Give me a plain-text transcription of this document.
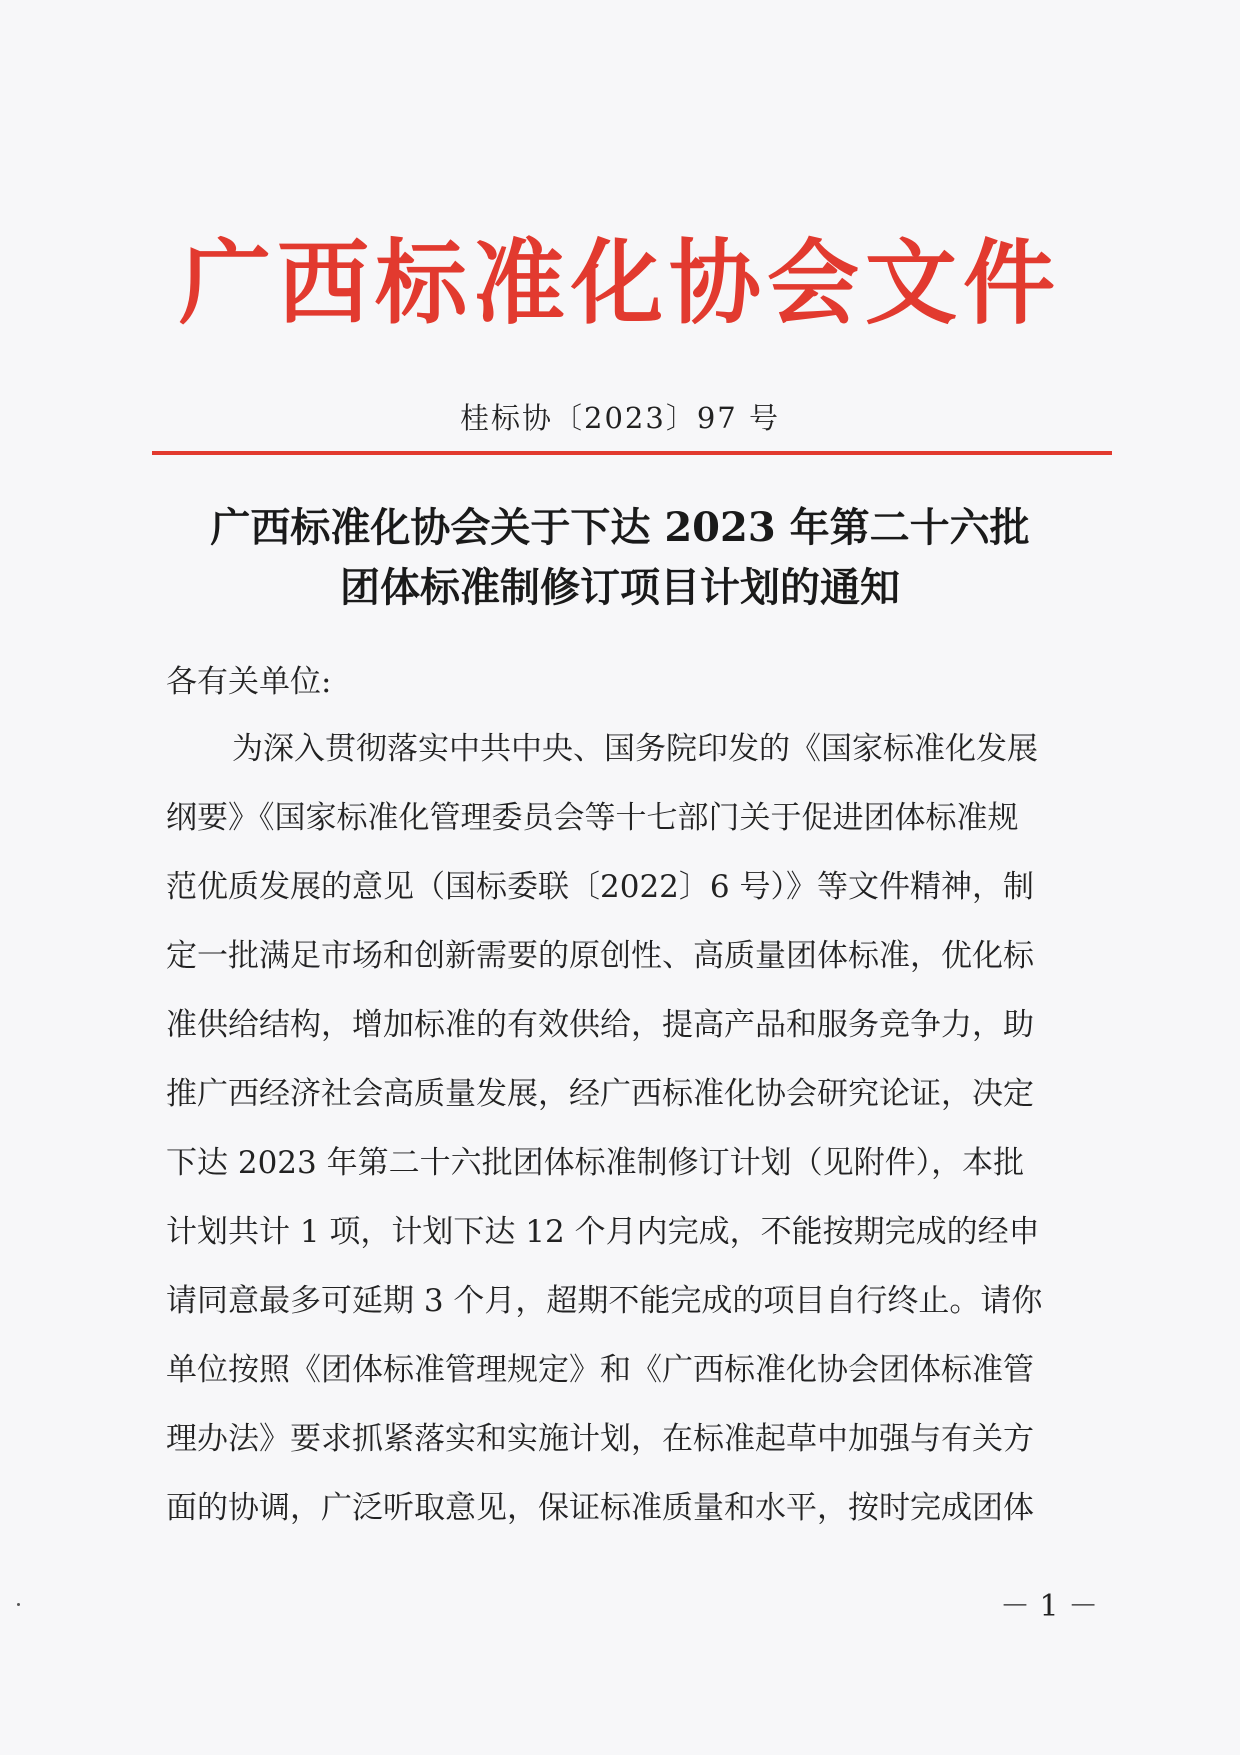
广西标准化协会文件
桂标协〔2023〕97 号
广西标准化协会关于下达 2023 年第二十六批
团体标准制修订项目计划的通知
各有关单位:
为深入贯彻落实中共中央、国务院印发的《国家标准化发展
纲要》《国家标准化管理委员会等十七部门关于促进团体标准规
范优质发展的意见（国标委联〔2022〕6 号）》等文件精神，制
定一批满足市场和创新需要的原创性、高质量团体标准，优化标
准供给结构，增加标准的有效供给，提高产品和服务竞争力，助
推广西经济社会高质量发展，经广西标准化协会研究论证，决定
下达 2023 年第二十六批团体标准制修订计划（见附件），本批
计划共计 1 项，计划下达 12 个月内完成，不能按期完成的经申
请同意最多可延期 3 个月，超期不能完成的项目自行终止。请你
单位按照《团体标准管理规定》和《广西标准化协会团体标准管
理办法》要求抓紧落实和实施计划，在标准起草中加强与有关方
面的协调，广泛听取意见，保证标准质量和水平，按时完成团体
－ 1 －
